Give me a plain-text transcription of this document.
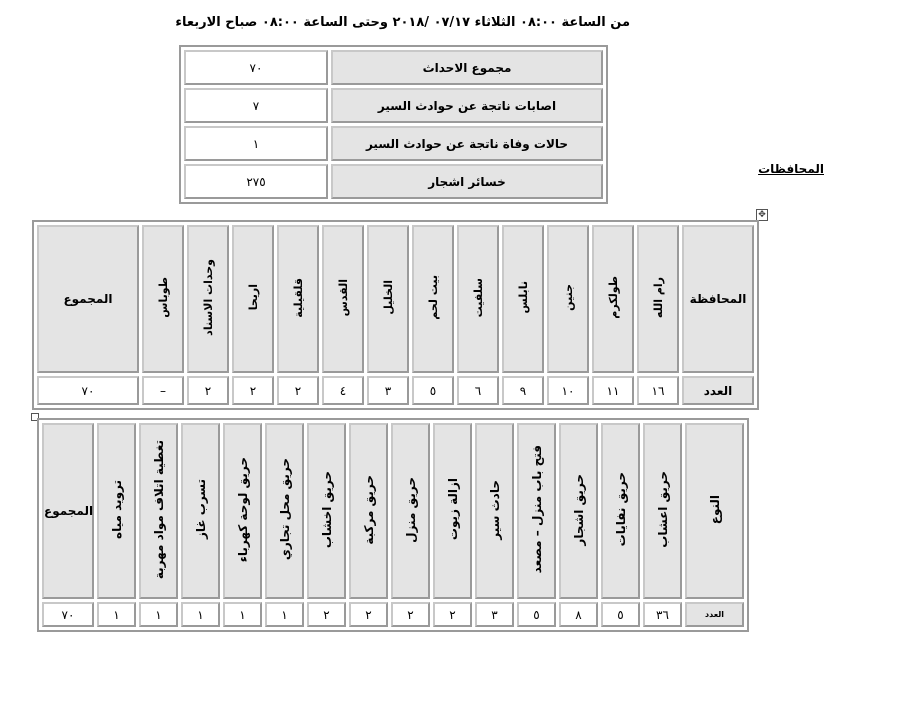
من الساعة ٠٨:٠٠ الثلاثاء ٠٧/١٧ /٢٠١٨ وحتى الساعة ٠٨:٠٠ صباح الاربعاء
٧٠	مجموع الاحداث
٧	اصابات ناتجة عن حوادث السير
١	حالات وفاة ناتجة عن حوادث السير
٢٧٥	خسائر اشجار
المحافظات
✥
المجموع	طوباس	وحدات الاسناد	اريحا	قلقيلية	القدس	الخليل	بيت لحم	سلفيت	نابلس	جنين	طولكرم	رام الله	المحافظة
٧٠	–	٢	٢	٢	٤	٣	٥	٦	٩	١٠	١١	١٦	العدد
المجموع	ترويد مياه	تغطية اتلاف مواد مهربة	تسرب غاز	حريق لوحة كهرباء	حريق محل تجاري	حريق اخشاب	حريق مركبة	حريق منزل	ازالة زيوت	حادث سير	فتح باب منزل – مصعد	حريق اشجار	حريق نفايات	حريق اعشاب	النوع
٧٠	١	١	١	١	١	٢	٢	٢	٢	٣	٥	٨	٥	٣٦	العدد
